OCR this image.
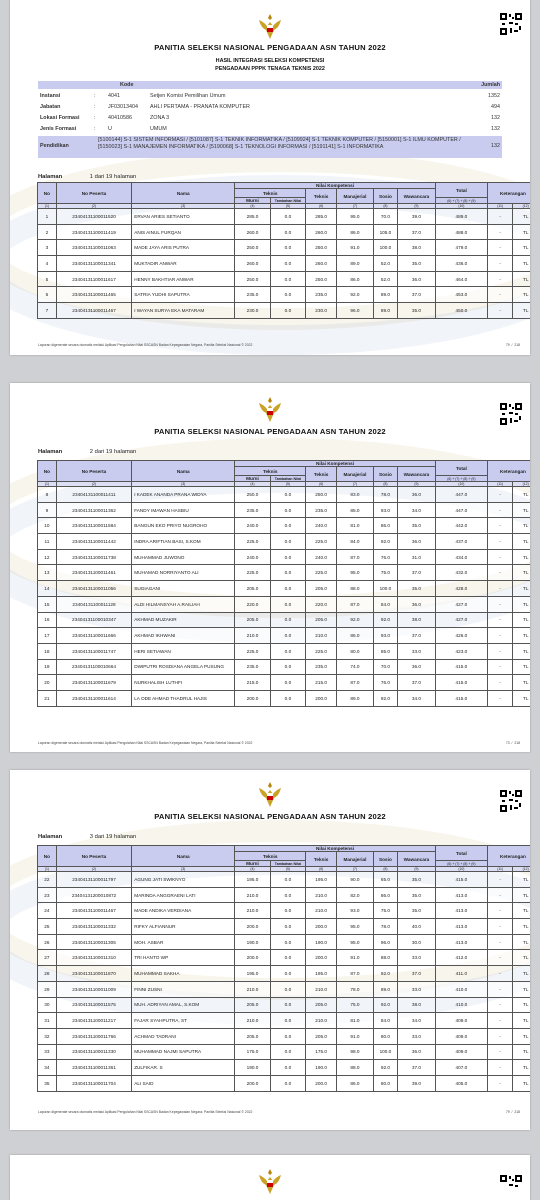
PANITIA SELEKSI NASIONAL PENGADAAN ASN TAHUN 2022
HASIL INTEGRASI SELEKSI KOMPETENSI
PENGADAAN PPPK TENAGA TEKNIS 2022
Kode	Jumlah
Instansi	: 4041	Setjen Komisi Pemilihan Umum	1352
Jabatan	: JF03013404 AHLI PERTAMA - PRANATA KOMPUTER	494
Lokasi Formasi	: 40410586	ZONA 3	132
Jenis Formasi	: U	UMUM	132
Pendidikan
[5100144] S-1 SISTEM INFORMASI / [5101087] S-1 TEKNIK INFORMATIKA / [5109924] S-1 TEKNIK KOMPUTER / [5150001] S-1 ILMU KOMPUTER / [5150023] S-1 MANAJEMEN INFORMATIKA / [5190068] S-1 TEKNOLOGI INFORMASI / [5191141] S-1 INFORMATIKA	132
Halaman	1 dari 19 halaman
No	No Peserta	Nama	Nilai Kompetensi						Total	Keterangan	
			Teknis		Teknis	Manajerial	Sosio	Wawancara			
			Murni	Tambahan Nilai					(6) + (7) + (8) + (9)		
(1)	(2)	(3)	(4)	(5)	(6)	(7)	(8)	(9)	(10)	(11)	(12)
1	23404131100011520	ERVAN ARIES SETIANTO	285.0	0.0	285.0	95.0	70.0	39.0	489.0	-	TL
2	23404131100011419	ANIS AINUL FURQAN	260.0	0.0	260.0	86.0	105.0	37.0	488.0	-	TL
3	23404131100011063	MADE JAYA ARIS PUTRA	250.0	0.0	250.0	91.0	100.0	38.0	479.0	-	TL
4	23404131100011341	MUKTADIR ANWAR	260.0	0.0	260.0	89.0	52.0	35.0	436.0	-	TL
5	23404131100011617	HENNY BAKHTIAR ANWAR	250.0	0.0	250.0	86.0	52.0	36.0	464.0	-	TL
6	23404131100011465	SATRIA YUDHI SAPUTRA	235.0	0.0	235.0	92.0	89.0	37.0	453.0	-	TL
7	23404131100011467	I WAYAN SURYA EKA MATARAM	230.0	0.0	230.0	96.0	89.0	35.0	450.0	-	TL
Laporan digenerate secara otomatis melalui Aplikasi Pengolahan Nilai SSCASN Badan Kepegawaian Negara, Panitia Seleksi Nasional © 2022	79  /  218
PANITIA SELEKSI NASIONAL PENGADAAN ASN TAHUN 2022
Halaman	2 dari 19 halaman
No	No Peserta	Nama	Nilai Kompetensi						Total	Keterangan	
			Teknis		Teknis	Manajerial	Sosio	Wawancara			
			Murni	Tambahan Nilai					(6) + (7) + (8) + (9)		
(1)	(2)	(3)	(4)	(5)	(6)	(7)	(8)	(9)	(10)	(11)	(12)
8	23404131100011411	I KADEK ANANDA PRANA WIDYA	250.0	0.0	250.0	83.0	78.0	36.0	447.0	-	TL
9	23404131100011362	FANDY IMAWAN HASBIU	235.0	0.0	235.0	85.0	93.0	34.0	447.0	-	TL
10	23404131100011584	BANGUN EKO PRIYO NUGROHO	240.0	0.0	240.0	81.0	86.0	35.0	442.0	-	TL
11	23404131100011442	INDRA ARIFTIAN BASI, S.KOM	225.0	0.0	225.0	84.0	92.0	36.0	437.0	-	TL
12	23404131100011738	MUHAMMAD JUWONO	240.0	0.0	240.0	87.0	76.0	31.0	434.0	-	TL
13	23404131100011461	MUHAMAD NORRIYANTO ALI	225.0	0.0	225.0	95.0	75.0	37.0	432.0	-	TL
14	23404131100011056	SUGIAGANI	205.0	0.0	205.0	88.0	100.0	35.0	428.0	-	TL
15	23404131100011128	ALDI HILMANSYAH A.RAILIAH	220.0	0.0	220.0	87.0	84.0	36.0	427.0	-	TL
16	23404131100010347	AKHMAD MUZAKIR	205.0	0.0	205.0	92.0	92.0	38.0	427.0	-	TL
17	23404131100011666	AKHMAD IKHWANI	210.0	0.0	210.0	86.0	93.0	37.0	426.0	-	TL
18	23404131100011747	HERI SETIAWAN	225.0	0.0	225.0	80.0	85.0	33.0	423.0	-	TL
19	23404131100010664	DWIPUTRI ROSDIANA ANGELA PUSUNG	235.0	0.0	235.0	74.0	70.0	36.0	415.0	-	TL
20	23404131100011679	NURKHALISH LUTHFI	215.0	0.0	215.0	87.0	76.0	37.0	415.0	-	TL
21	23404131100011614	LA ODE AHMAD THADRUL HAJIS	200.0	0.0	200.0	89.0	92.0	34.0	415.0	-	TL
Laporan digenerate secara otomatis melalui Aplikasi Pengolahan Nilai SSCASN Badan Kepegawaian Negara, Panitia Seleksi Nasional © 2022	73  /  218
PANITIA SELEKSI NASIONAL PENGADAAN ASN TAHUN 2022
Halaman	3 dari 19 halaman
No	No Peserta	Nama	Nilai Kompetensi						Total	Keterangan	
			Teknis		Teknis	Manajerial	Sosio	Wawancara			
			Murni	Tambahan Nilai					(6) + (7) + (8) + (9)		
(1)	(2)	(3)	(4)	(5)	(6)	(7)	(8)	(9)	(10)	(11)	(12)
22	23404131100011797	AGUNG JATI SWIKNYO	195.0	0.0	195.0	90.0	65.0	35.0	415.0	-	TL
23	23404131200010872	MARINDA ANGGRAENI LATI	210.0	0.0	210.0	82.0	86.0	35.0	413.0	-	TL
24	23404131100011467	MADE ANDIKA VERDIANA	210.0	0.0	210.0	93.0	75.0	35.0	413.0	-	TL
25	23404131100011332	RIFKY ALFIANNUR	200.0	0.0	200.0	95.0	78.0	40.0	413.0	-	TL
26	23404131100011305	MOH. ASBAR	190.0	0.0	190.0	95.0	96.0	30.0	413.0	-	TL
27	23404131100011310	TRI HANTO WP	200.0	0.0	200.0	91.0	88.0	33.0	412.0	-	TL
28	23404131100011870	MUHAMMAD SAKHA	195.0	0.0	195.0	87.0	92.0	37.0	411.0	-	TL
29	23404131100011009	FINNI ZUSNI	210.0	0.0	210.0	78.0	89.0	33.0	410.0	-	TL
30	23404131100011575	MUH. ADRIYAN AMAL, S.KOM	205.0	0.0	205.0	75.0	92.0	38.0	410.0	-	TL
31	23404131100011217	FAJAR SYAHPUTRA, ST	210.0	0.0	210.0	81.0	84.0	34.0	409.0	-	TL
32	23404131100011766	ACHMAD TADRANI	205.0	0.0	205.0	91.0	80.0	33.0	409.0	-	TL
33	23404131100011330	MUHAMMAD NAJMI SAPUTRA	175.0	0.0	175.0	98.0	100.0	36.0	409.0	-	TL
34	23404131100011361	ZULFIKAR. S	190.0	0.0	190.0	88.0	92.0	37.0	407.0	-	TL
35	23404131100011704	ALI SAID	200.0	0.0	200.0	86.0	80.0	39.0	405.0	-	TL
Laporan digenerate secara otomatis melalui Aplikasi Pengolahan Nilai SSCASN Badan Kepegawaian Negara, Panitia Seleksi Nasional © 2022	79  /  218
